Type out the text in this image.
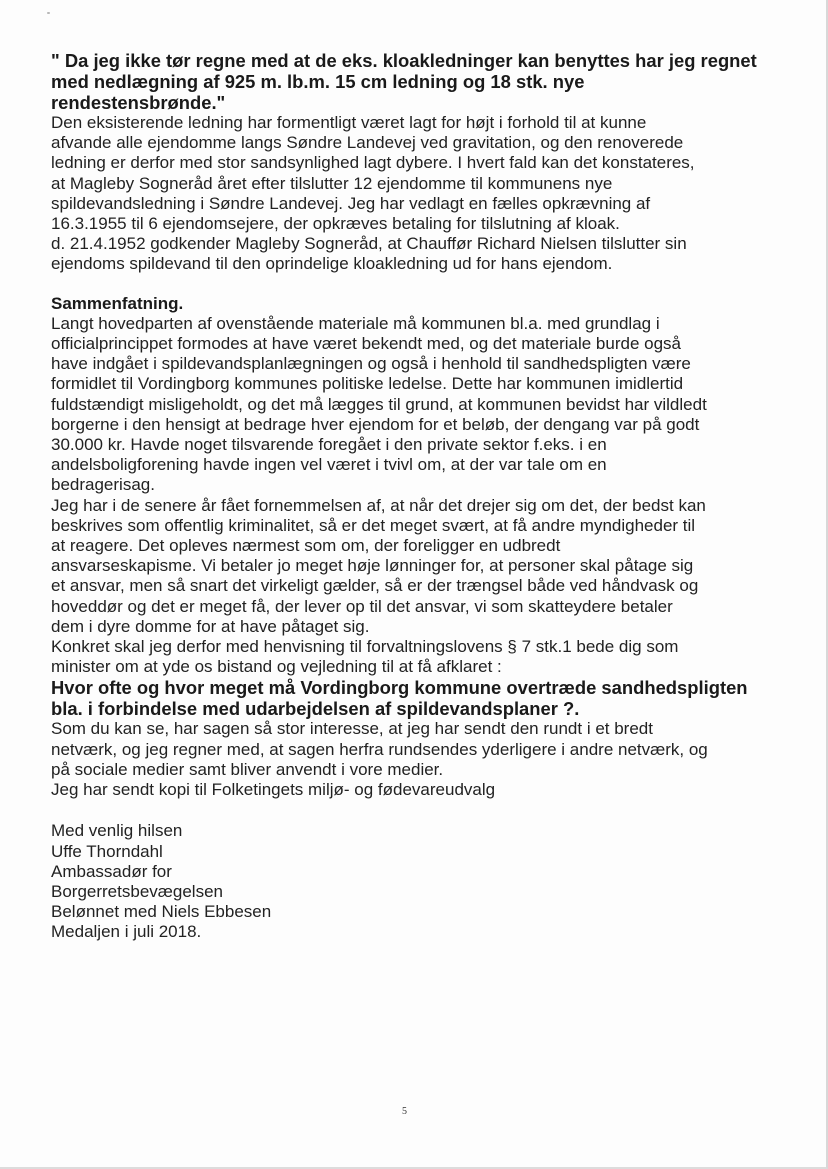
" Da jeg ikke tør regne med at de eks. kloakledninger kan benyttes har jeg regnet
med nedlægning af 925 m. lb.m. 15 cm ledning og 18 stk. nye
rendestensbrønde."

Den eksisterende ledning har formentligt været lagt for højt i forhold til at kunne
afvande alle ejendomme langs Søndre Landevej ved gravitation, og den renoverede
ledning er derfor med stor sandsynlighed lagt dybere. I hvert fald kan det konstateres,
at Magleby Sogneråd året efter tilslutter 12 ejendomme til kommunens nye
spildevandsledning i Søndre Landevej. Jeg har vedlagt en fælles opkrævning af
16.3.1955 til 6 ejendomsejere, der opkræves betaling for tilslutning af kloak.
d. 21.4.1952 godkender Magleby Sogneråd, at Chauffør Richard Nielsen tilslutter sin
ejendoms spildevand til den oprindelige kloakledning ud for hans ejendom.

Sammenfatning.

Langt hovedparten af ovenstående materiale må kommunen bl.a. med grundlag i
officialprincippet formodes at have været bekendt med, og det materiale burde også
have indgået i spildevandsplanlægningen og også i henhold til sandhedspligten være
formidlet til Vordingborg kommunes politiske ledelse. Dette har kommunen imidlertid
fuldstændigt misligeholdt, og det må lægges til grund, at kommunen bevidst har vildledt
borgerne i den hensigt at bedrage hver ejendom for et beløb, der dengang var på godt
30.000 kr. Havde noget tilsvarende foregået i den private sektor f.eks. i en
andelsboligforening havde ingen vel været i tvivl om, at der var tale om en
bedragerisag.

Jeg har i de senere år fået fornemmelsen af, at når det drejer sig om det, der bedst kan
beskrives som offentlig kriminalitet, så er det meget svært, at få andre myndigheder til
at reagere. Det opleves nærmest som om, der foreligger en udbredt
ansvarseskapisme. Vi betaler jo meget høje lønninger for, at personer skal påtage sig
et ansvar, men så snart det virkeligt gælder, så er der trængsel både ved håndvask og
hoveddør og det er meget få, der lever op til det ansvar, vi som skatteydere betaler
dem i dyre domme for at have påtaget sig.

Konkret skal jeg derfor med henvisning til forvaltningslovens § 7 stk.1 bede dig som
minister om at yde os bistand og vejledning til at få afklaret :

Hvor ofte og hvor meget må Vordingborg kommune overtræde sandhedspligten
bla. i forbindelse med udarbejdelsen af spildevandsplaner ?.

Som du kan se, har sagen så stor interesse, at jeg har sendt den rundt i et bredt
netværk, og jeg regner med, at sagen herfra rundsendes yderligere i andre netværk, og
på sociale medier samt bliver anvendt i vore medier.
Jeg har sendt kopi til Folketingets miljø- og fødevareudvalg

Med venlig hilsen
Uffe Thorndahl
Ambassadør for
Borgerretsbevægelsen
Belønnet med Niels Ebbesen
Medaljen i juli 2018.

5
